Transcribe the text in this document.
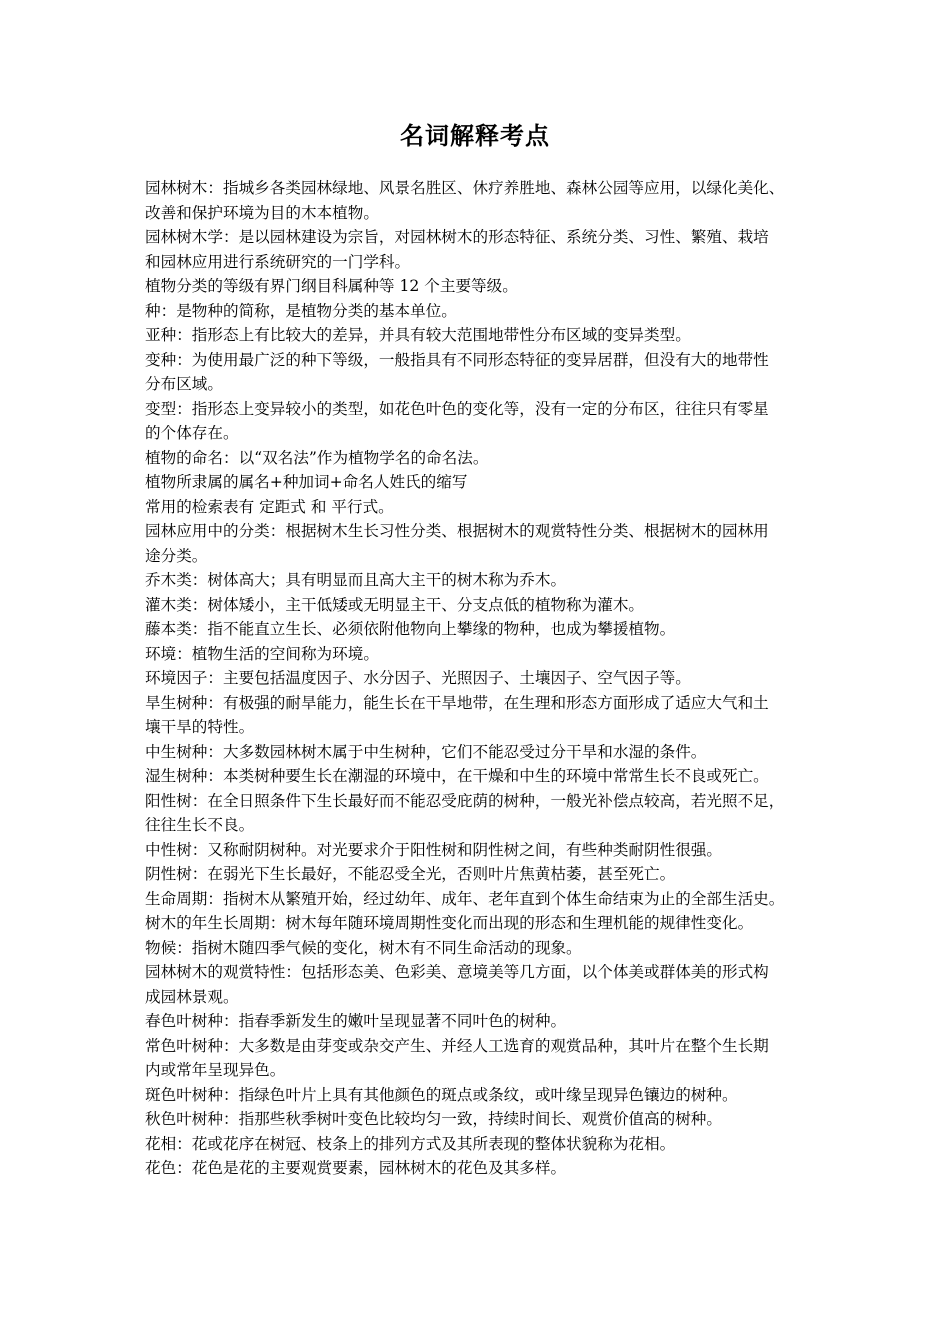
名词解释考点
园林树木：指城乡各类园林绿地、风景名胜区、休疗养胜地、森林公园等应用，以绿化美化、
改善和保护环境为目的木本植物。
园林树木学：是以园林建设为宗旨，对园林树木的形态特征、系统分类、习性、繁殖、栽培
和园林应用进行系统研究的一门学科。
植物分类的等级有界门纲目科属种等 12 个主要等级。
种：是物种的简称，是植物分类的基本单位。
亚种：指形态上有比较大的差异，并具有较大范围地带性分布区域的变异类型。
变种：为使用最广泛的种下等级，一般指具有不同形态特征的变异居群，但没有大的地带性
分布区域。
变型：指形态上变异较小的类型，如花色叶色的变化等，没有一定的分布区，往往只有零星
的个体存在。
植物的命名：以“双名法”作为植物学名的命名法。
植物所隶属的属名+种加词+命名人姓氏的缩写
常用的检索表有 定距式 和 平行式。
园林应用中的分类：根据树木生长习性分类、根据树木的观赏特性分类、根据树木的园林用
途分类。
乔木类：树体高大；具有明显而且高大主干的树木称为乔木。
灌木类：树体矮小，主干低矮或无明显主干、分支点低的植物称为灌木。
藤本类：指不能直立生长、必须依附他物向上攀缘的物种，也成为攀援植物。
环境：植物生活的空间称为环境。
环境因子：主要包括温度因子、水分因子、光照因子、土壤因子、空气因子等。
旱生树种：有极强的耐旱能力，能生长在干旱地带，在生理和形态方面形成了适应大气和土
壤干旱的特性。
中生树种：大多数园林树木属于中生树种，它们不能忍受过分干旱和水湿的条件。
湿生树种：本类树种要生长在潮湿的环境中，在干燥和中生的环境中常常生长不良或死亡。
阳性树：在全日照条件下生长最好而不能忍受庇荫的树种，一般光补偿点较高，若光照不足，
往往生长不良。
中性树：又称耐阴树种。对光要求介于阳性树和阴性树之间，有些种类耐阴性很强。
阴性树：在弱光下生长最好，不能忍受全光，否则叶片焦黄枯萎，甚至死亡。
生命周期：指树木从繁殖开始，经过幼年、成年、老年直到个体生命结束为止的全部生活史。
树木的年生长周期：树木每年随环境周期性变化而出现的形态和生理机能的规律性变化。
物候：指树木随四季气候的变化，树木有不同生命活动的现象。
园林树木的观赏特性：包括形态美、色彩美、意境美等几方面，以个体美或群体美的形式构
成园林景观。
春色叶树种：指春季新发生的嫩叶呈现显著不同叶色的树种。
常色叶树种：大多数是由芽变或杂交产生、并经人工选育的观赏品种，其叶片在整个生长期
内或常年呈现异色。
斑色叶树种：指绿色叶片上具有其他颜色的斑点或条纹，或叶缘呈现异色镶边的树种。
秋色叶树种：指那些秋季树叶变色比较均匀一致，持续时间长、观赏价值高的树种。
花相：花或花序在树冠、枝条上的排列方式及其所表现的整体状貌称为花相。
花色：花色是花的主要观赏要素，园林树木的花色及其多样。
